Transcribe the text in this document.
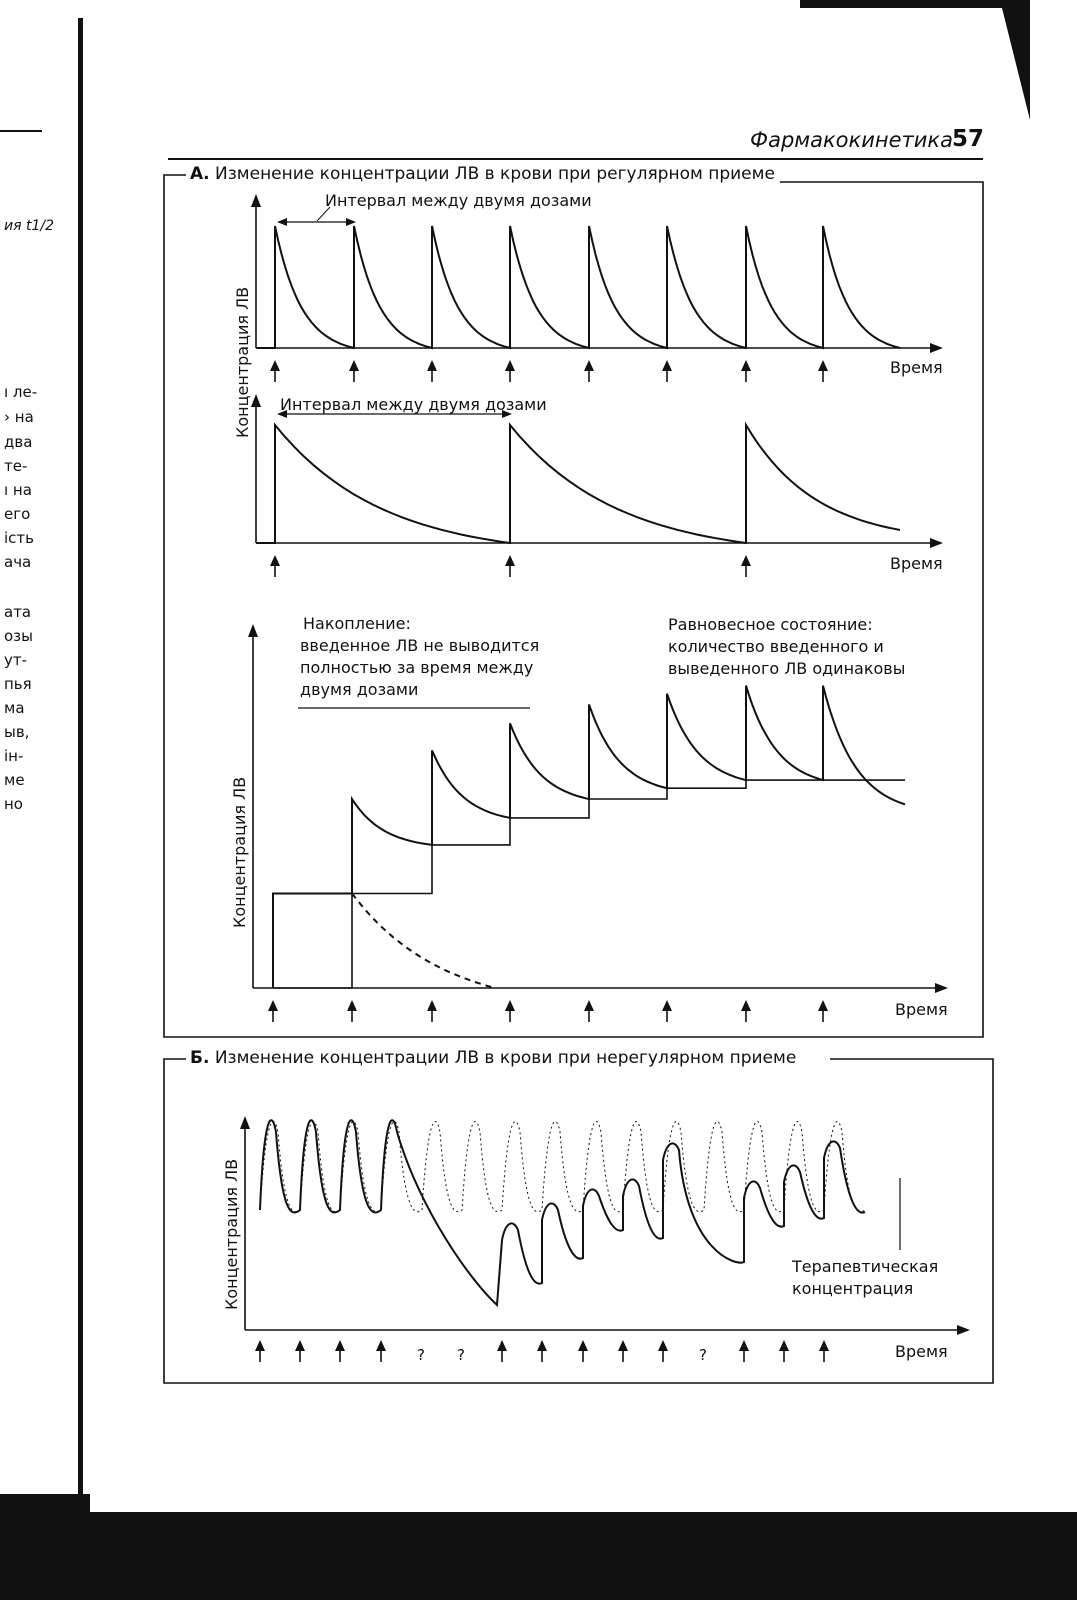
ия t1/2
ı ле-
› на
два
те-
ı на
его
ість
ача
ата
озы
ут-
пья
ма
ыв,
ін-
ме
но
Фармакокинетика 57
Интервал между двумя дозами
Время
Интервал между двумя дозами
Время
Концентрация ЛВ
Концентрация ЛВ
Накопление:
введенное ЛВ не выводится
полностью за время между
двумя дозами
Равновесное состояние:
количество введенного и
выведенного ЛВ одинаковы
Время
Концентрация ЛВ	Терапевтическая
концентрация
? ?	?	Время
А. Изменение концентрации ЛВ в крови при регулярном приеме
Б. Изменение концентрации ЛВ в крови при нерегулярном приеме
